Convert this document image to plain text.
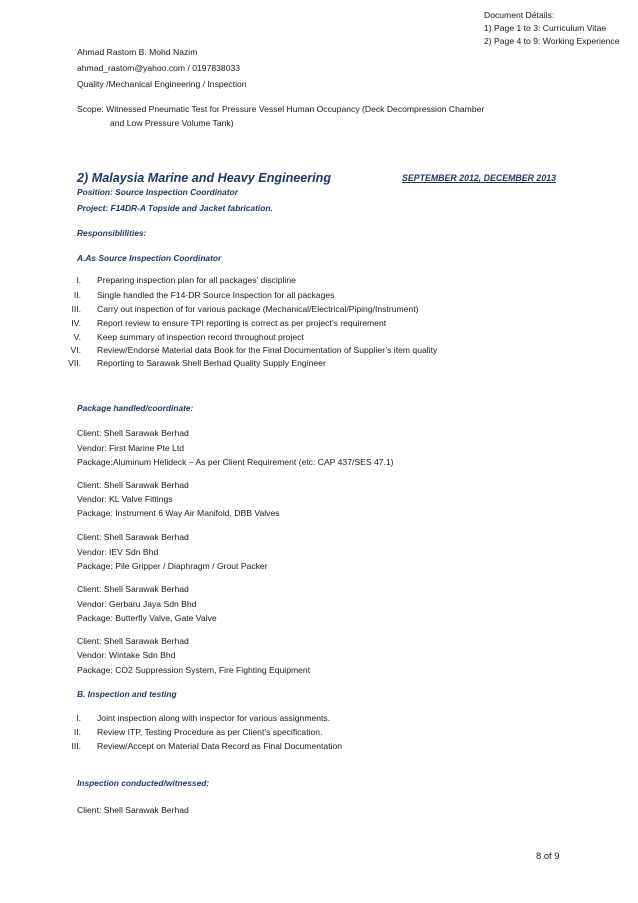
Document Détails:
1) Page 1 to 3: Curriculum Vitae
2) Page 4 to 9: Working Experience
Ahmad Rastom B. Mohd Nazim
ahmad_rastom@yahoo.com / 0197838033
Quality /Mechanical Engineering / Inspection
Scope: Witnessed Pneumatic Test for Pressure Vessel Human Occupancy (Deck Decompression Chamber
and Low Pressure Volume Tank)
2) Malaysia Marine and Heavy Engineering	SEPTEMBER 2012, DECEMBER 2013
Position: Source Inspection Coordinator
Project: F14DR-A Topside and Jacket fabrication.
Responsiblilities:
A.As Source Inspection Coordinator
I. Preparing inspection plan for all packages’ discipline
II. Single handled the F14-DR Source Inspection for all packages
III. Carry out inspection of for various package (Mechanical/Electrical/Piping/Instrument)
IV. Report review to ensure TPI reporting is correct as per project’s requirement
V. Keep summary of inspection record throughout project
VI. Review/Endorse Material data Book for the Final Documentation of Supplier’s item quality
VII. Reporting to Sarawak Shell Berhad Quality Supply Engineer
Package handled/coordinate:
Client: Shell Sarawak Berhad
Vendor: First Marine Pte Ltd
Package:Aluminum Helideck – As per Client Requirement (etc: CAP 437/SES 47.1)
Client: Shell Sarawak Berhad
Vendor: KL Valve Fittings
Package: Instrument 6 Way Air Manifold, DBB Valves
Client: Shell Sarawak Berhad
Vendor: IEV Sdn Bhd
Package: Pile Gripper / Diaphragm / Grout Packer
Client: Shell Sarawak Berhad
Vendor: Gerbaru Jaya Sdn Bhd
Package: Butterfly Valve, Gate Valve
Client: Shell Sarawak Berhad
Vendor: Wintake Sdn Bhd
Package: CO2 Suppression System, Fire Fighting Equipment
B. Inspection and testing
I. Joint inspection along with inspector for various assignments.
II. Review ITP, Testing Procedure as per Client’s specification.
III. Review/Accept on Material Data Record as Final Documentation
Inspection conducted/witnessed:
Client: Shell Sarawak Berhad
8 of 9
